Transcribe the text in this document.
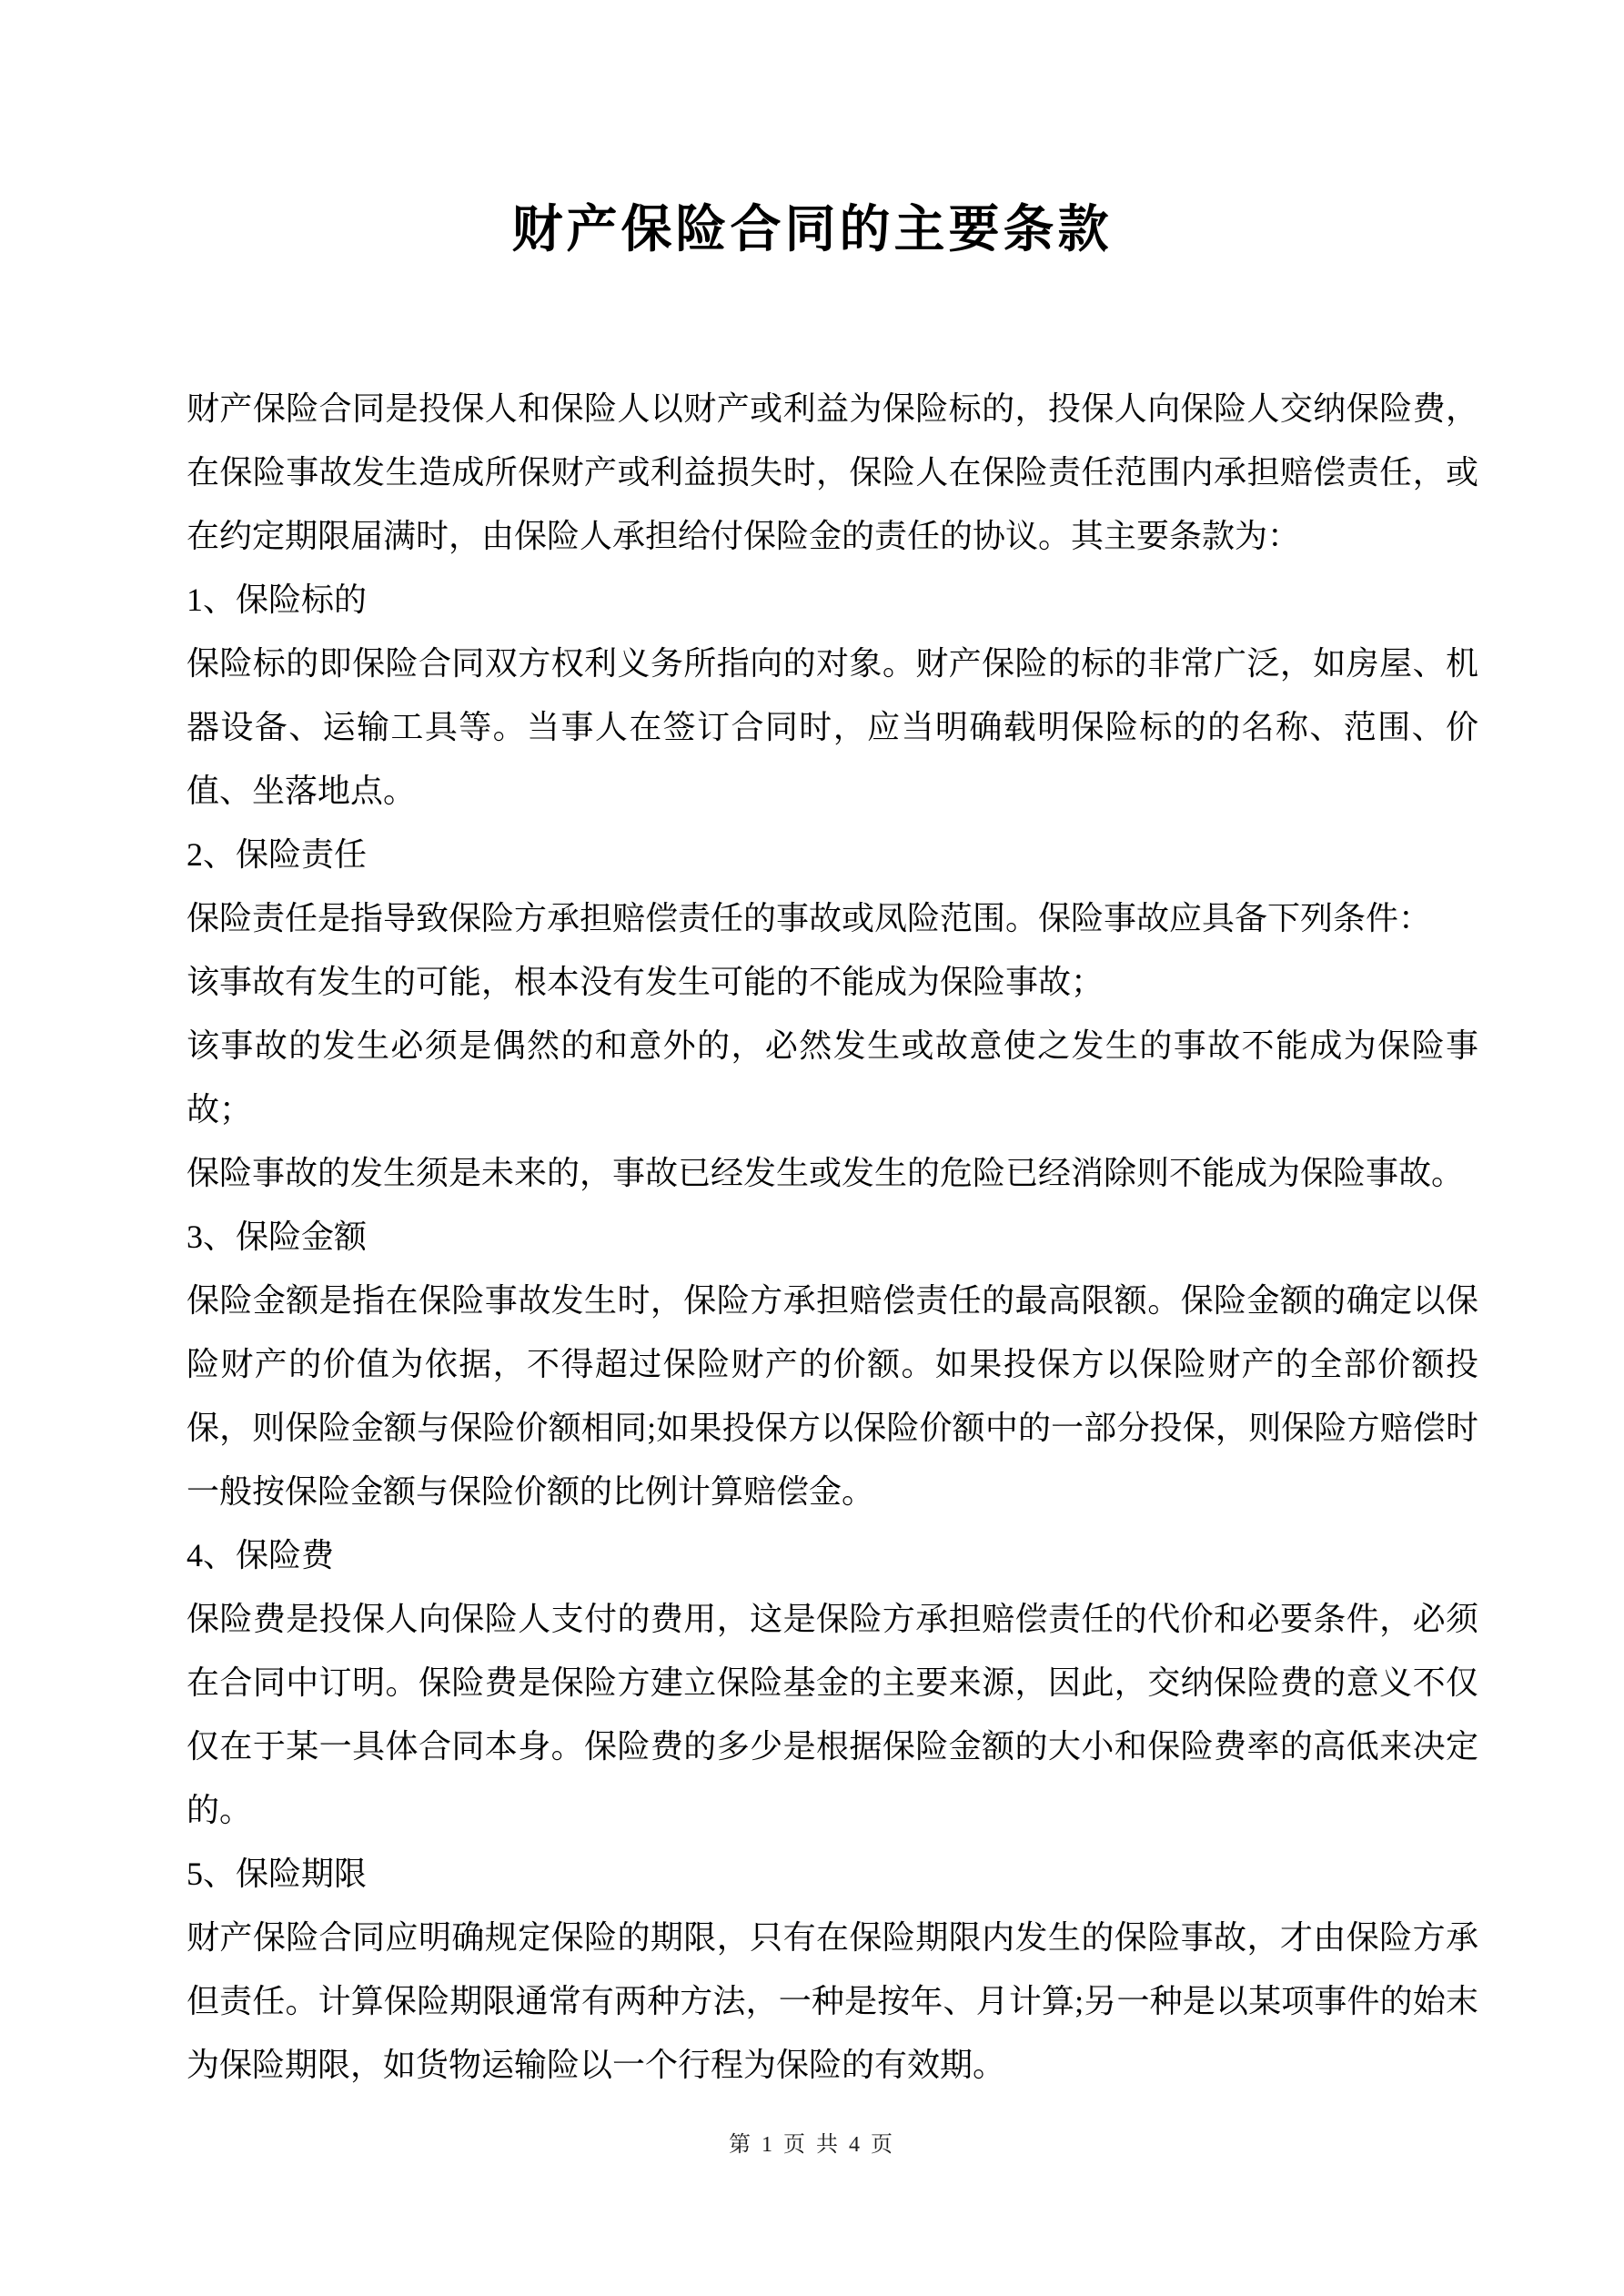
财产保险合同的主要条款

财产保险合同是投保人和保险人以财产或利益为保险标的，投保人向保险人交纳保险费，在保险事故发生造成所保财产或利益损失时，保险人在保险责任范围内承担赔偿责任，或在约定期限届满时，由保险人承担给付保险金的责任的协议。其主要条款为：

1、保险标的

保险标的即保险合同双方权利义务所指向的对象。财产保险的标的非常广泛，如房屋、机器设备、运输工具等。当事人在签订合同时，应当明确载明保险标的的名称、范围、价值、坐落地点。

2、保险责任

保险责任是指导致保险方承担赔偿责任的事故或凤险范围。保险事故应具备下列条件：

该事故有发生的可能，根本没有发生可能的不能成为保险事故；

该事故的发生必须是偶然的和意外的，必然发生或故意使之发生的事故不能成为保险事故；

保险事故的发生须是未来的，事故已经发生或发生的危险已经消除则不能成为保险事故。

3、保险金额

保险金额是指在保险事故发生时，保险方承担赔偿责任的最高限额。保险金额的确定以保险财产的价值为依据，不得超过保险财产的价额。如果投保方以保险财产的全部价额投保，则保险金额与保险价额相同;如果投保方以保险价额中的一部分投保，则保险方赔偿时一般按保险金额与保险价额的比例计算赔偿金。

4、保险费

保险费是投保人向保险人支付的费用，这是保险方承担赔偿责任的代价和必要条件，必须在合同中订明。保险费是保险方建立保险基金的主要来源，因此，交纳保险费的意义不仅仅在于某一具体合同本身。保险费的多少是根据保险金额的大小和保险费率的高低来决定的。

5、保险期限

财产保险合同应明确规定保险的期限，只有在保险期限内发生的保险事故，才由保险方承但责任。计算保险期限通常有两种方法，一种是按年、月计算;另一种是以某项事件的始末为保险期限，如货物运输险以一个行程为保险的有效期。

第 1 页 共 4 页
